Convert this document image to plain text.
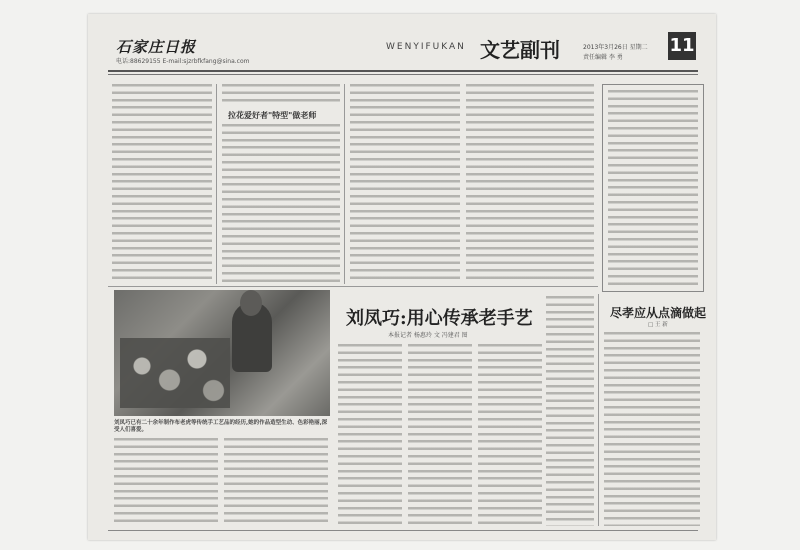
石家庄日报
电话:88629155 E-mail:sjzrbfkfang@sina.com
WENYIFUKAN 文艺副刊	2013年3月26日 星期二
责任编辑 李 勇
11
拉花爱好者"特型"做老师
刘凤巧已有二十余年制作布老虎等传统手工艺品的经历,她的作品造型生动、色彩艳丽,深受人们喜爱。
刘凤巧:用心传承老手艺
本报记者 杨惠玲 文 冯建君 图
尽孝应从点滴做起
□ 王 新
